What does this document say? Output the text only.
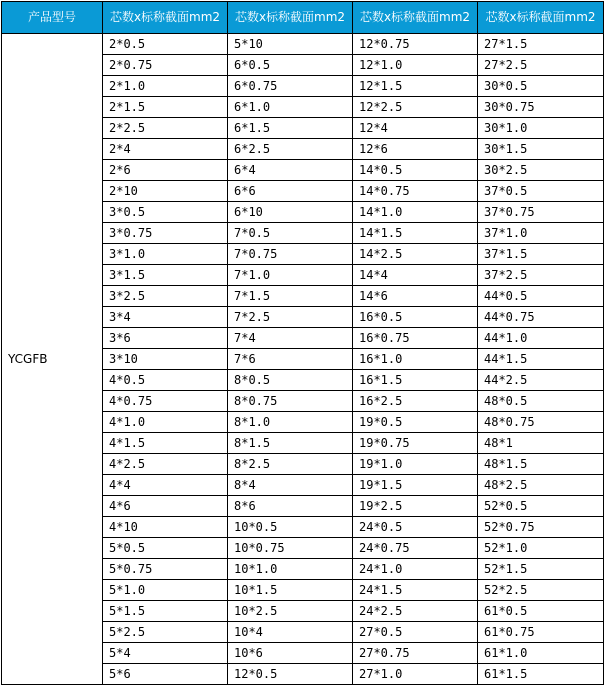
产品型号	芯数x标称截面mm2	芯数x标称截面mm2	芯数x标称截面mm2	芯数x标称截面mm2
YCGFB	2*0.5	5*10	12*0.75	27*1.5
	2*0.75	6*0.5	12*1.0	27*2.5
	2*1.0	6*0.75	12*1.5	30*0.5
	2*1.5	6*1.0	12*2.5	30*0.75
	2*2.5	6*1.5	12*4	30*1.0
	2*4	6*2.5	12*6	30*1.5
	2*6	6*4	14*0.5	30*2.5
	2*10	6*6	14*0.75	37*0.5
	3*0.5	6*10	14*1.0	37*0.75
	3*0.75	7*0.5	14*1.5	37*1.0
	3*1.0	7*0.75	14*2.5	37*1.5
	3*1.5	7*1.0	14*4	37*2.5
	3*2.5	7*1.5	14*6	44*0.5
	3*4	7*2.5	16*0.5	44*0.75
	3*6	7*4	16*0.75	44*1.0
	3*10	7*6	16*1.0	44*1.5
	4*0.5	8*0.5	16*1.5	44*2.5
	4*0.75	8*0.75	16*2.5	48*0.5
	4*1.0	8*1.0	19*0.5	48*0.75
	4*1.5	8*1.5	19*0.75	48*1
	4*2.5	8*2.5	19*1.0	48*1.5
	4*4	8*4	19*1.5	48*2.5
	4*6	8*6	19*2.5	52*0.5
	4*10	10*0.5	24*0.5	52*0.75
	5*0.5	10*0.75	24*0.75	52*1.0
	5*0.75	10*1.0	24*1.0	52*1.5
	5*1.0	10*1.5	24*1.5	52*2.5
	5*1.5	10*2.5	24*2.5	61*0.5
	5*2.5	10*4	27*0.5	61*0.75
	5*4	10*6	27*0.75	61*1.0
	5*6	12*0.5	27*1.0	61*1.5
